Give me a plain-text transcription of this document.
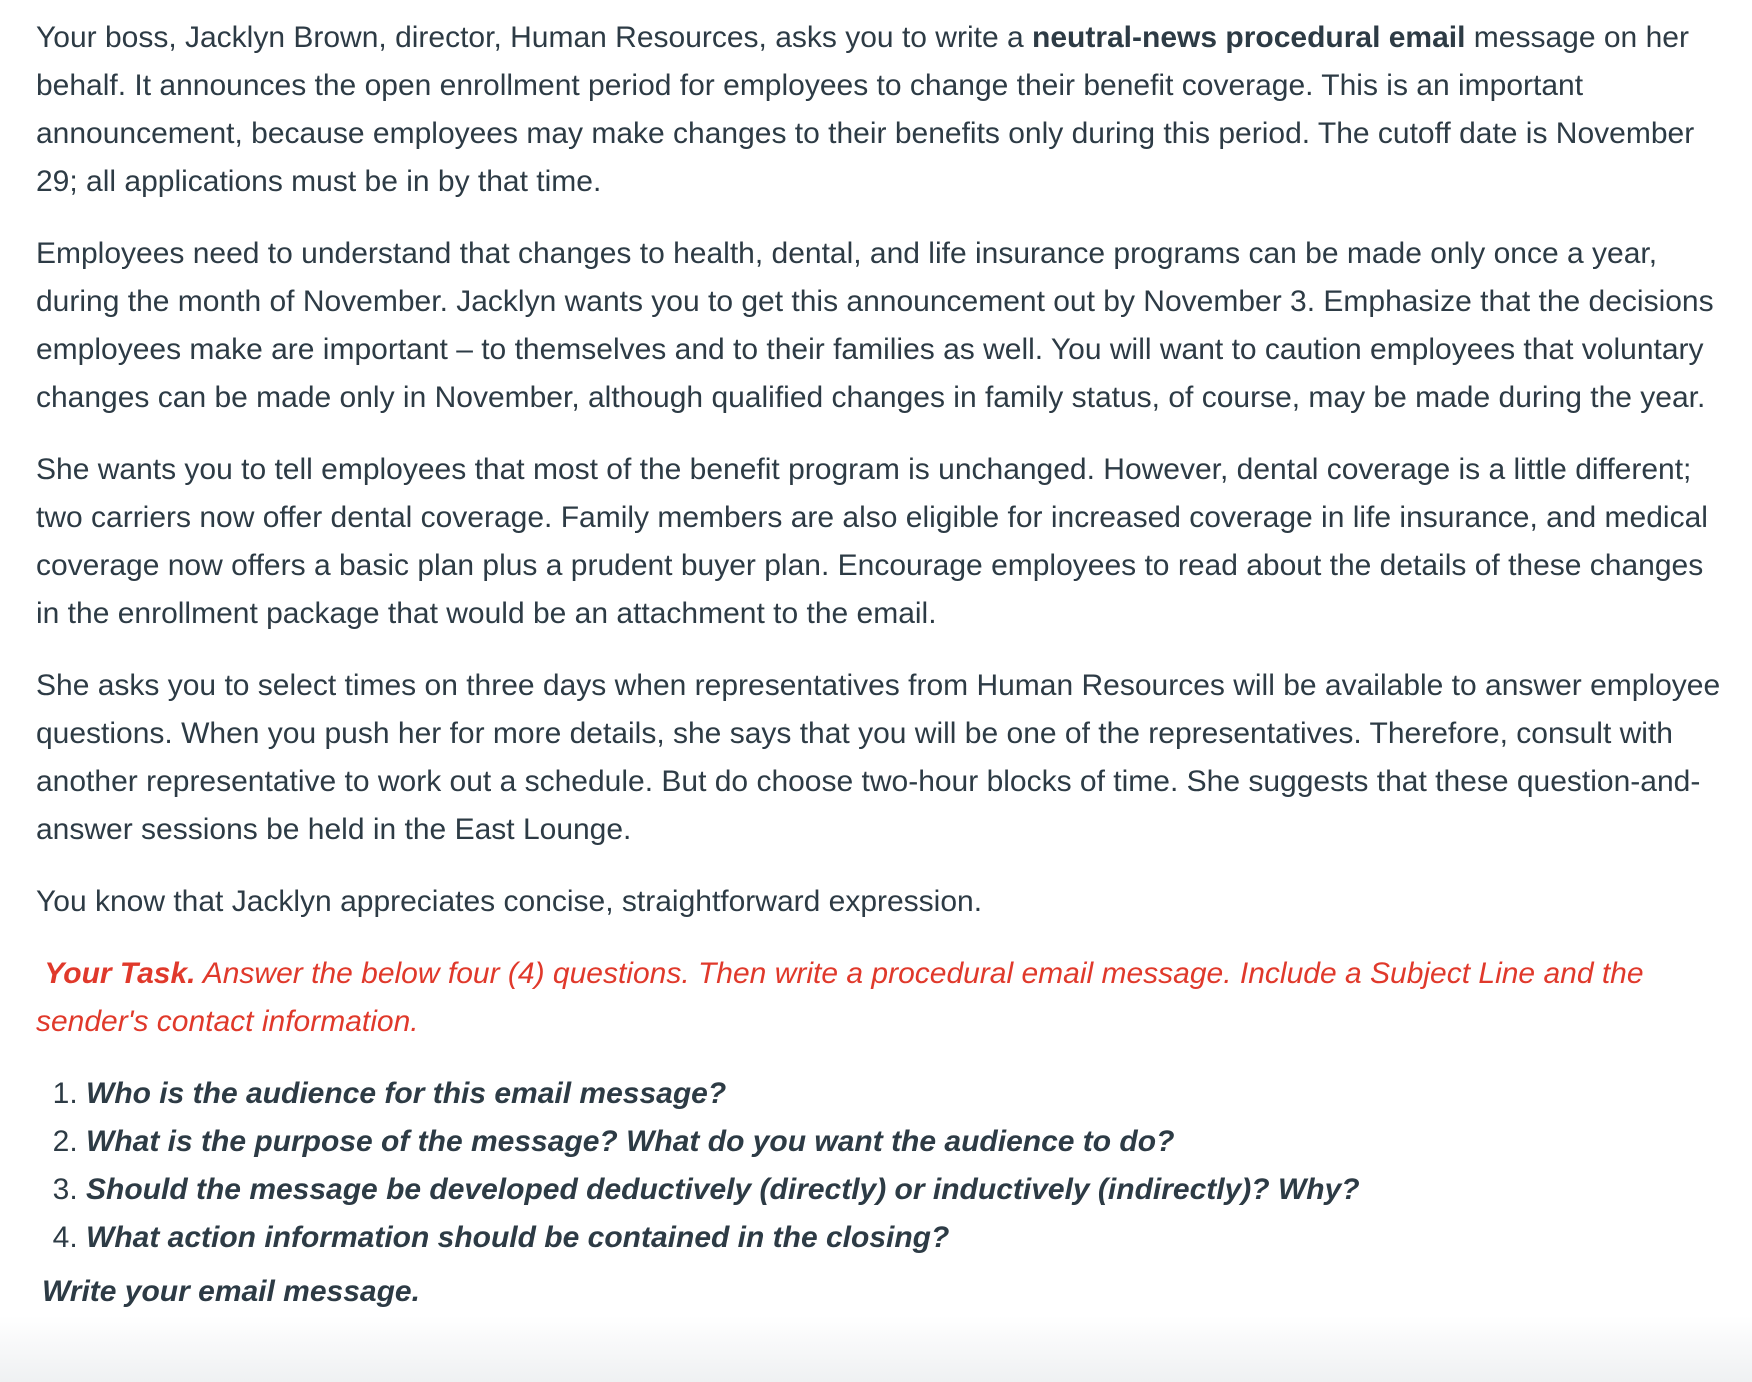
Your boss, Jacklyn Brown, director, Human Resources, asks you to write a neutral-news procedural email message on her behalf. It announces the open enrollment period for employees to change their benefit coverage. This is an important announcement, because employees may make changes to their benefits only during this period. The cutoff date is November 29; all applications must be in by that time.

Employees need to understand that changes to health, dental, and life insurance programs can be made only once a year, during the month of November. Jacklyn wants you to get this announcement out by November 3. Emphasize that the decisions employees make are important – to themselves and to their families as well. You will want to caution employees that voluntary changes can be made only in November, although qualified changes in family status, of course, may be made during the year.

She wants you to tell employees that most of the benefit program is unchanged. However, dental coverage is a little different; two carriers now offer dental coverage. Family members are also eligible for increased coverage in life insurance, and medical coverage now offers a basic plan plus a prudent buyer plan. Encourage employees to read about the details of these changes in the enrollment package that would be an attachment to the email.

She asks you to select times on three days when representatives from Human Resources will be available to answer employee questions. When you push her for more details, she says that you will be one of the representatives. Therefore, consult with another representative to work out a schedule. But do choose two-hour blocks of time. She suggests that these question-and-answer sessions be held in the East Lounge.

You know that Jacklyn appreciates concise, straightforward expression.

Your Task. Answer the below four (4) questions. Then write a procedural email message. Include a Subject Line and the sender's contact information.

1. Who is the audience for this email message?
2. What is the purpose of the message? What do you want the audience to do?
3. Should the message be developed deductively (directly) or inductively (indirectly)? Why?
4. What action information should be contained in the closing?
Write your email message.
